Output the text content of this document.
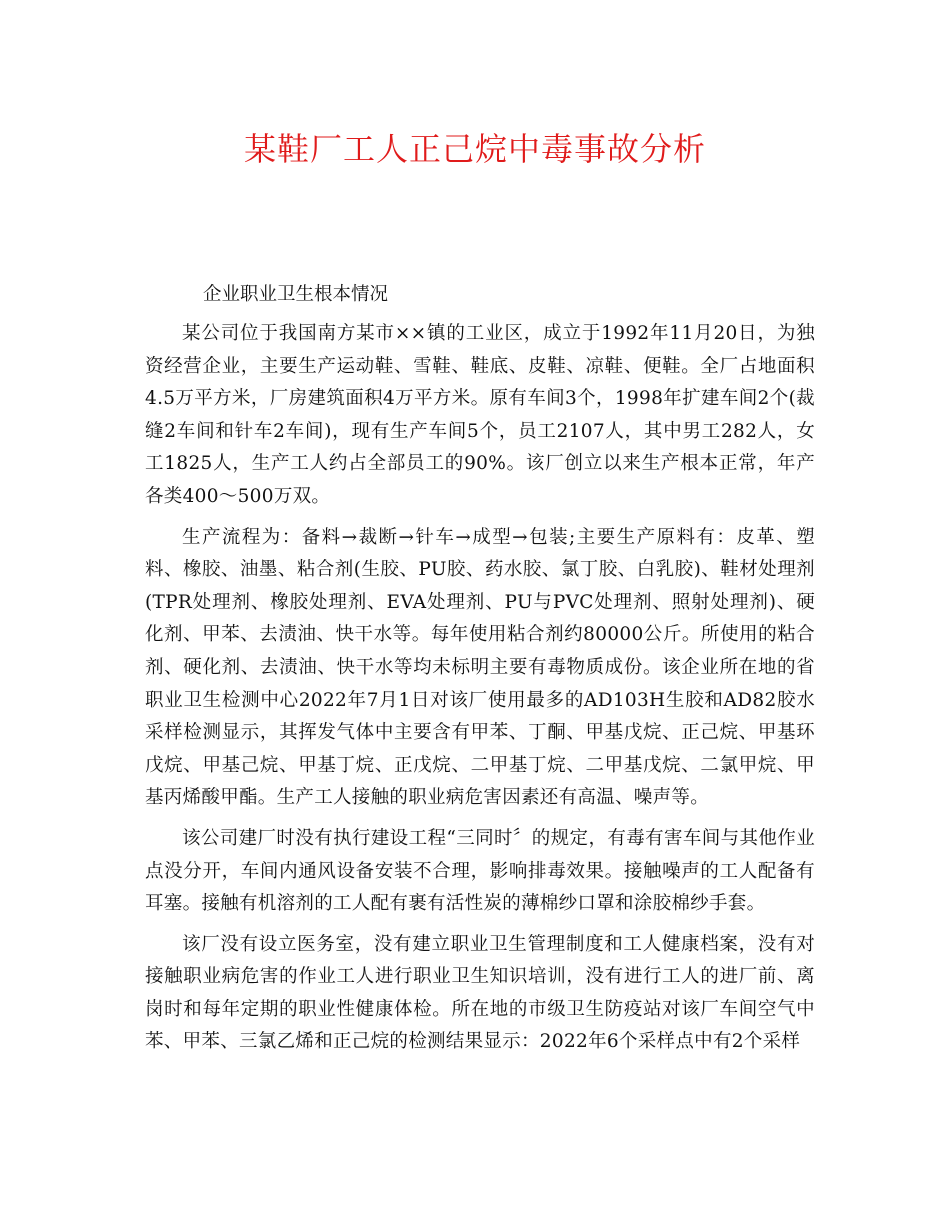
某鞋厂工人正己烷中毒事故分析

企业职业卫生根本情况

某公司位于我国南方某市××镇的工业区，成立于1992年11月20日，为独资经营企业，主要生产运动鞋、雪鞋、鞋底、皮鞋、凉鞋、便鞋。全厂占地面积4.5万平方米，厂房建筑面积4万平方米。原有车间3个，1998年扩建车间2个(裁缝2车间和针车2车间)，现有生产车间5个，员工2107人，其中男工282人，女工1825人，生产工人约占全部员工的90%。该厂创立以来生产根本正常，年产各类400～500万双。

生产流程为：备料→裁断→针车→成型→包装;主要生产原料有：皮革、塑料、橡胶、油墨、粘合剂(生胶、PU胶、药水胶、氯丁胶、白乳胶)、鞋材处理剂(TPR处理剂、橡胶处理剂、EVA处理剂、PU与PVC处理剂、照射处理剂)、硬化剂、甲苯、去渍油、快干水等。每年使用粘合剂约80000公斤。所使用的粘合剂、硬化剂、去渍油、快干水等均未标明主要有毒物质成份。该企业所在地的省职业卫生检测中心2022年7月1日对该厂使用最多的AD103H生胶和AD82胶水采样检测显示，其挥发气体中主要含有甲苯、丁酮、甲基戊烷、正己烷、甲基环戊烷、甲基己烷、甲基丁烷、正戊烷、二甲基丁烷、二甲基戊烷、二氯甲烷、甲基丙烯酸甲酯。生产工人接触的职业病危害因素还有高温、噪声等。

该公司建厂时没有执行建设工程“三同时〞的规定，有毒有害车间与其他作业点没分开，车间内通风设备安装不合理，影响排毒效果。接触噪声的工人配备有耳塞。接触有机溶剂的工人配有裹有活性炭的薄棉纱口罩和涂胶棉纱手套。

该厂没有设立医务室，没有建立职业卫生管理制度和工人健康档案，没有对接触职业病危害的作业工人进行职业卫生知识培训，没有进行工人的进厂前、离岗时和每年定期的职业性健康体检。所在地的市级卫生防疫站对该厂车间空气中苯、甲苯、三氯乙烯和正己烷的检测结果显示：2022年6个采样点中有2个采样
